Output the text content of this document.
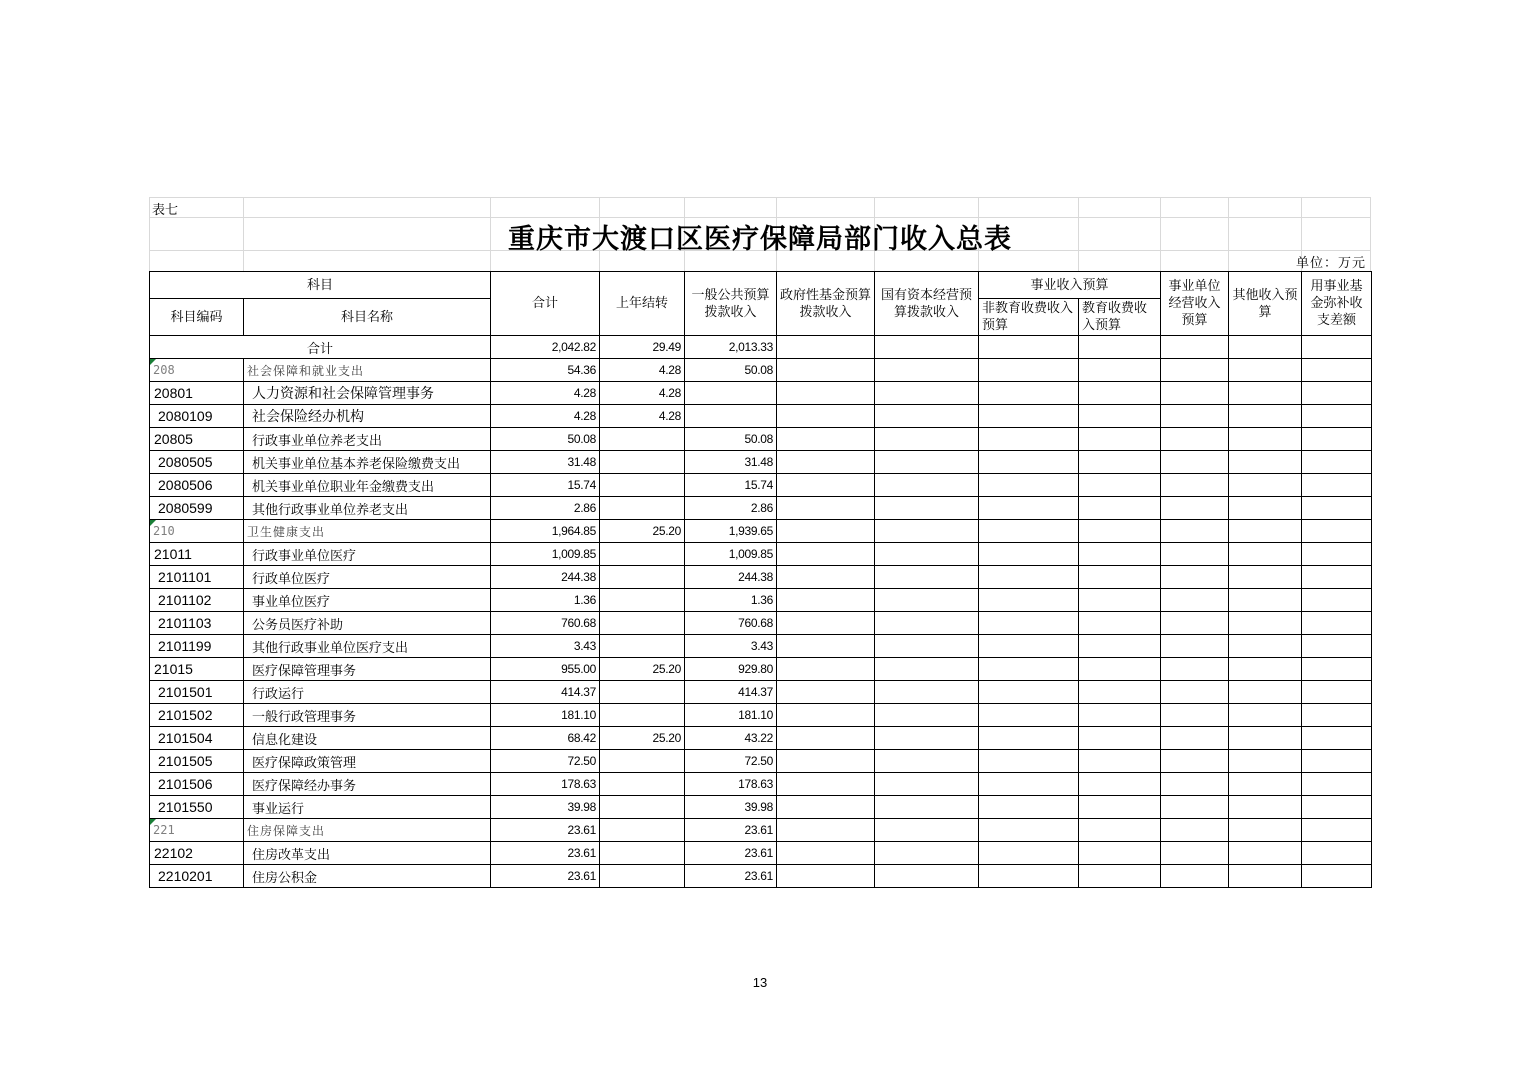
表七
重庆市大渡口区医疗保障局部门收入总表
单位：万元
科目		合计	上年结转	一般公共预算拨款收入	政府性基金预算拨款收入	国有资本经营预算拨款收入	事业收入预算		事业单位经营收入预算	其他收入预算	用事业基金弥补收支差额
科目编码	科目名称						非教育收费收入预算	教育收费收入预算			
合计		2,042.82	29.49	2,013.33							

208	社会保障和就业支出	54.36	4.28	50.08							
20801	人力资源和社会保障管理事务	4.28	4.28								
2080109	社会保险经办机构	4.28	4.28								
20805	行政事业单位养老支出	50.08		50.08							
2080505	机关事业单位基本养老保险缴费支出	31.48		31.48							
2080506	机关事业单位职业年金缴费支出	15.74		15.74							
2080599	其他行政事业单位养老支出	2.86		2.86							

210	卫生健康支出	1,964.85	25.20	1,939.65							
21011	行政事业单位医疗	1,009.85		1,009.85							
2101101	行政单位医疗	244.38		244.38							
2101102	事业单位医疗	1.36		1.36							
2101103	公务员医疗补助	760.68		760.68							
2101199	其他行政事业单位医疗支出	3.43		3.43							
21015	医疗保障管理事务	955.00	25.20	929.80							
2101501	行政运行	414.37		414.37							
2101502	一般行政管理事务	181.10		181.10							
2101504	信息化建设	68.42	25.20	43.22							
2101505	医疗保障政策管理	72.50		72.50							
2101506	医疗保障经办事务	178.63		178.63							
2101550	事业运行	39.98		39.98							

221	住房保障支出	23.61		23.61							
22102	住房改革支出	23.61		23.61							
2210201	住房公积金	23.61		23.61							
13
